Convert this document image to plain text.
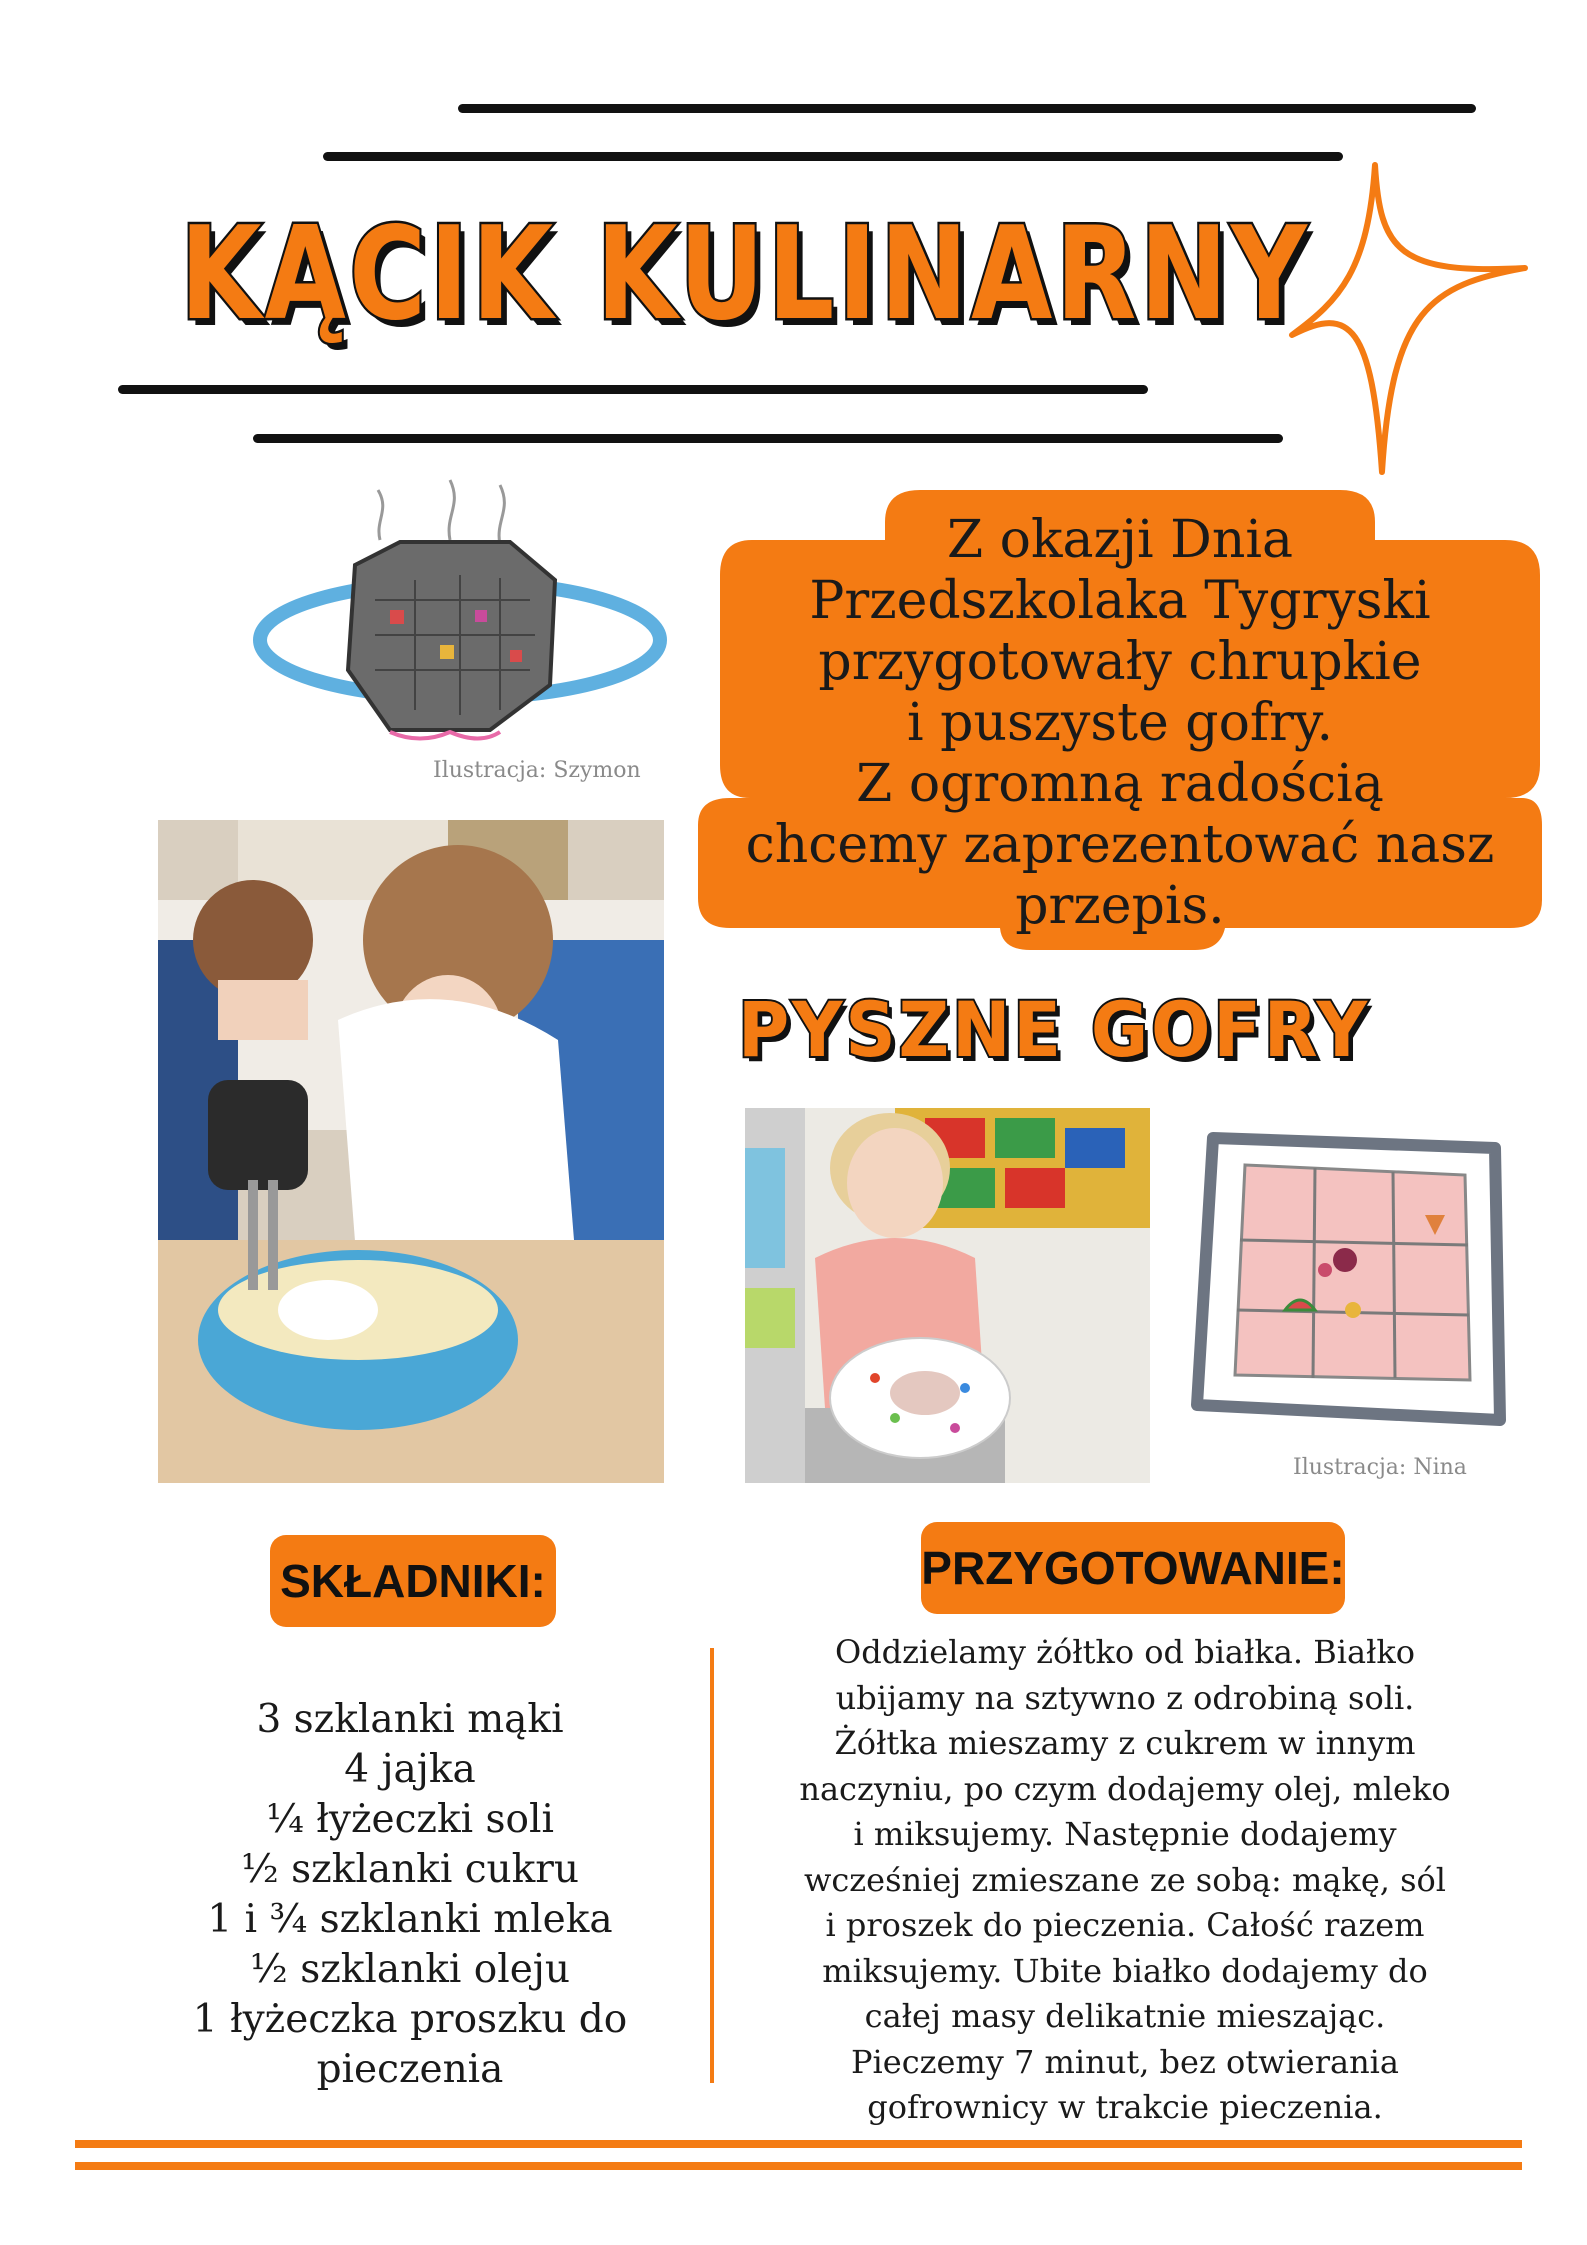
KĄCIK KULINARNY
Ilustracja: Szymon
Z okazji Dnia
Przedszkolaka Tygryski
przygotowały chrupkie
i puszyste gofry.
Z ogromną radością
chcemy zaprezentować nasz
przepis.
PYSZNE GOFRY
Ilustracja: Nina
SKŁADNIKI:	PRZYGOTOWANIE:
3 szklanki mąki
4 jajka
¼ łyżeczki soli
½ szklanki cukru
1 i ¾ szklanki mleka
½ szklanki oleju
1 łyżeczka proszku do
pieczenia
Oddzielamy żółtko od białka. Białko
ubijamy na sztywno z odrobiną soli.
Żółtka mieszamy z cukrem w innym
naczyniu, po czym dodajemy olej, mleko
i miksujemy. Następnie dodajemy
wcześniej zmieszane ze sobą: mąkę, sól
i proszek do pieczenia. Całość razem
miksujemy. Ubite białko dodajemy do
całej masy delikatnie mieszając.
Pieczemy 7 minut, bez otwierania
gofrownicy w trakcie pieczenia.
